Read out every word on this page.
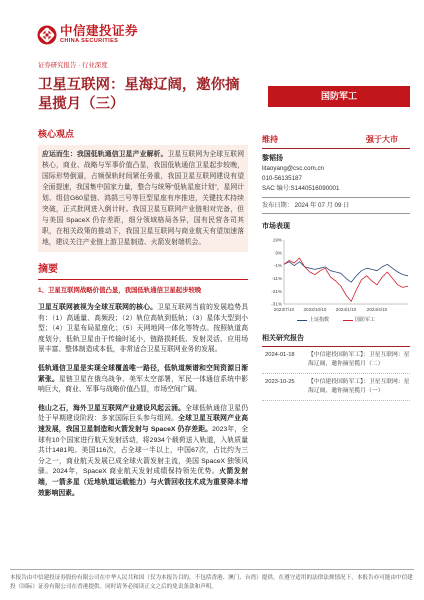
中信建投证券
CHINA SECURITIES
证券研究报告 · 行业深度
卫星互联网：星海辽阔，邀你摘星揽月（三）	国防军工
核心观点
应运而生：我国低轨通信卫星产业解析。卫星互联网为全球互联网核心，商业、战略与军事价值凸显，我国低轨通信卫星起步较晚，国际形势倒逼，占频保轨时间紧任务重，我国卫星互联网建设有望全面提速，我国集中国家力量，整合与统筹“低轨星座计划”，星网计划、组信G60星链、鸿鹄三号等巨型星座有序推进，关键技术持续突破，正式批网进入倒计时。我国卫星互联网产业链相对完备，但与美国 SpaceX 仍存差距，细分领域格局各异，国有民营各司其职，在相关政策的推动下，我国卫星互联网与商业航天有望加速落地，建议关注产业链上游卫星制造、火箭发射端机会。
摘要
1、卫星互联网战略价值凸显，我国低轨通信卫星起步较晚

卫星互联网被视为全球互联网的核心。卫星互联网当前的发展趋势具有：（1）高通量、高频段；（2）轨位高轨到低轨；（3）星体大型到小型；（4）卫星布局星座化；（5）天网地网一体化等特点。按照轨道高度划分，低轨卫星由于传输时延小，链路损耗低、发射灵活、应用场景丰富、整体制造成本低，非常适合卫星互联网业务的发展。

低轨通信卫星是实现全球覆盖唯一路径，低轨道频谱和空间资源日渐紧张。星链卫星在俄乌战争、美军太空部署，军民一体通信系统中影响巨大，商业、军事与战略价值凸显，市场空间广阔。

他山之石，海外卫星互联网产业建设风起云涌。全球低轨通信卫星仍处于早期建设阶段：多家国际巨头参与组网。全球卫星互联网产业高速发展，我国卫星制造和火箭发射与 SpaceX 仍存差距。2023年，全球有10个国家进行航天发射活动，将2934个载荷送入轨道，入轨质量共计1481吨。美国116次，占全球一半以上，中国67次，占比约为三分之一，商业航天发展已成全球火箭发射主流，美国 SpaceX 独领风骚。2024年，SpaceX 商业航天发射成绩保持领先优势。火箭发射端，一箭多星（近地轨道运载能力）与火箭回收技术成为重要降本增效影响因素。

维持	强于大市
黎韬扬
litaoyang@csc.com.cn
010-56135187
SAC 编号:S1440516090001
发布日期： 2024 年 07 月 09 日
市场表现
19%
9%
-1%
-11%
-21%
-31%
2023/7/10 2023/10/10 2024/1/10 2024/4/10
上证指数	国防军工
相关研究报告
2024-01-18	【中信建投国防军工】：卫星互联网：星海辽阔，邀你摘星揽月（二）
2023-10-25	【中信建投国防军工】：卫星互联网：星海辽阔，邀你摘星揽月（一）
本报告由中信建投证券股份有限公司在中华人民共和国（仅为本报告目的，不包括香港、澳门、台湾）提供。在遵守适用的法律法规情况下，本报告亦可能由中信建投（国际）证券有限公司在香港提供。同时请务必阅读正文之后的免责条款和声明。
